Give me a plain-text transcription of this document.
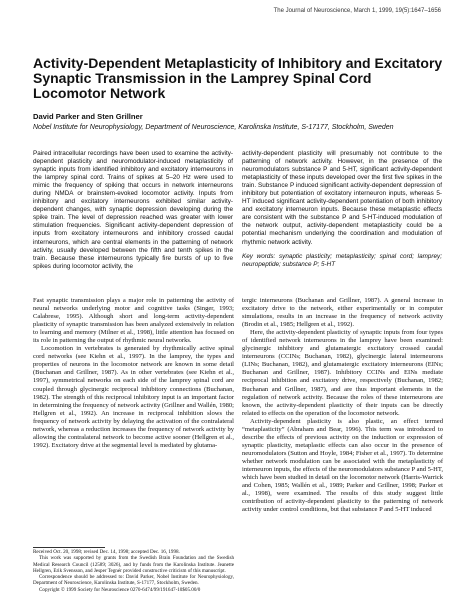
The Journal of Neuroscience, March 1, 1999, 19(5):1647–1656
Activity-Dependent Metaplasticity of Inhibitory and Excitatory Synaptic Transmission in the Lamprey Spinal Cord Locomotor Network
David Parker and Sten Grillner
Nobel Institute for Neurophysiology, Department of Neuroscience, Karolinska Institute, S-17177, Stockholm, Sweden

Paired intracellular recordings have been used to examine the activity-dependent plasticity and neuromodulator-induced metaplasticity of synaptic inputs from identified inhibitory and excitatory interneurons in the lamprey spinal cord. Trains of spikes at 5–20 Hz were used to mimic the frequency of spiking that occurs in network interneurons during NMDA or brainstem-evoked locomotor activity. Inputs from inhibitory and excitatory interneurons exhibited similar activity-dependent changes, with synaptic depression developing during the spike train. The level of depression reached was greater with lower stimulation frequencies. Significant activity-dependent depression of inputs from excitatory interneurons and inhibitory crossed caudal interneurons, which are central elements in the patterning of network activity, usually developed between the fifth and tenth spikes in the train. Because these interneurons typically fire bursts of up to five spikes during locomotor activity, the

activity-dependent plasticity will presumably not contribute to the patterning of network activity. However, in the presence of the neuromodulators substance P and 5-HT, significant activity-dependent metaplasticity of these inputs developed over the first five spikes in the train. Substance P induced significant activity-dependent depression of inhibitory but potentiation of excitatory interneuron inputs, whereas 5-HT induced significant activity-dependent potentiation of both inhibitory and excitatory interneuron inputs. Because these metaplastic effects are consistent with the substance P and 5-HT-induced modulation of the network output, activity-dependent metaplasticity could be a potential mechanism underlying the coordination and modulation of rhythmic network activity.

Key words: synaptic plasticity; metaplasticity; spinal cord; lamprey; neuropeptide; substance P; 5-HT

Fast synaptic transmission plays a major role in patterning the activity of neural networks underlying motor and cognitive tasks (Singer, 1993; Calabrese, 1995). Although short and long-term activity-dependent plasticity of synaptic transmission has been analyzed extensively in relation to learning and memory (Milner et al., 1998), little attention has focused on its role in patterning the output of rhythmic neural networks.

Locomotion in vertebrates is generated by rhythmically active spinal cord networks (see Kiehn et al., 1997). In the lamprey, the types and properties of neurons in the locomotor network are known in some detail (Buchanan and Grillner, 1987). As in other vertebrates (see Kiehn et al., 1997), symmetrical networks on each side of the lamprey spinal cord are coupled through glycinergic reciprocal inhibitory connections (Buchanan, 1982). The strength of this reciprocal inhibitory input is an important factor in determining the frequency of network activity (Grillner and Wallén, 1980; Hellgren et al., 1992). An increase in reciprocal inhibition slows the frequency of network activity by delaying the activation of the contralateral network, whereas a reduction increases the frequency of network activity by allowing the contralateral network to become active sooner (Hellgren et al., 1992). Excitatory drive at the segmental level is mediated by glutama-

tergic interneurons (Buchanan and Grillner, 1987). A general increase in excitatory drive to the network, either experimentally or in computer simulations, results in an increase in the frequency of network activity (Brodin et al., 1985; Hellgren et al., 1992).

Here, the activity-dependent plasticity of synaptic inputs from four types of identified network interneurons in the lamprey have been examined: glycinergic inhibitory and glutamatergic excitatory crossed caudal interneurons (CCINs; Buchanan, 1982), glycinergic lateral interneurons (LINs; Buchanan, 1982), and glutamatergic excitatory interneurons (EINs; Buchanan and Grillner, 1987). Inhibitory CCINs and EINs mediate reciprocal inhibition and excitatory drive, respectively (Buchanan, 1982; Buchanan and Grillner, 1987), and are thus important elements in the regulation of network activity. Because the roles of these interneurons are known, the activity-dependent plasticity of their inputs can be directly related to effects on the operation of the locomotor network.

Activity-dependent plasticity is also plastic, an effect termed “metaplasticity” (Abraham and Bear, 1996). This term was introduced to describe the effects of previous activity on the induction or expression of synaptic plasticity, metaplastic effects can also occur in the presence of neuromodulators (Sutton and Hoyle, 1984; Fisher et al., 1997). To determine whether network modulation can be associated with the metaplasticity of interneuron inputs, the effects of the neuromodulators substance P and 5-HT, which have been studied in detail on the locomotor network (Harris-Warrick and Cohen, 1985; Wallén et al., 1989; Parker and Grillner, 1998; Parker et al., 1998), were examined. The results of this study suggest little contribution of activity-dependent plasticity to the patterning of network activity under control conditions, but that substance P and 5-HT induced

Received Oct. 20, 1998; revised Dec. 14, 1998; accepted Dec. 16, 1998.

This work was supported by grants from the Swedish Brain Foundation and the Swedish Medical Research Council (12589; 3026), and by funds from the Karolinska Institute. Jeanette Hellgren, Erik Svensson, and Jesper Tegnér provided constructive criticism of this manuscript.

Correspondence should be addressed to: David Parker, Nobel Institute for Neurophysiology, Department of Neuroscience, Karolinska Institute, S-17177, Stockholm, Sweden.

Copyright © 1999 Society for Neuroscience 0270-6474/99/191647-10$05.00/0
